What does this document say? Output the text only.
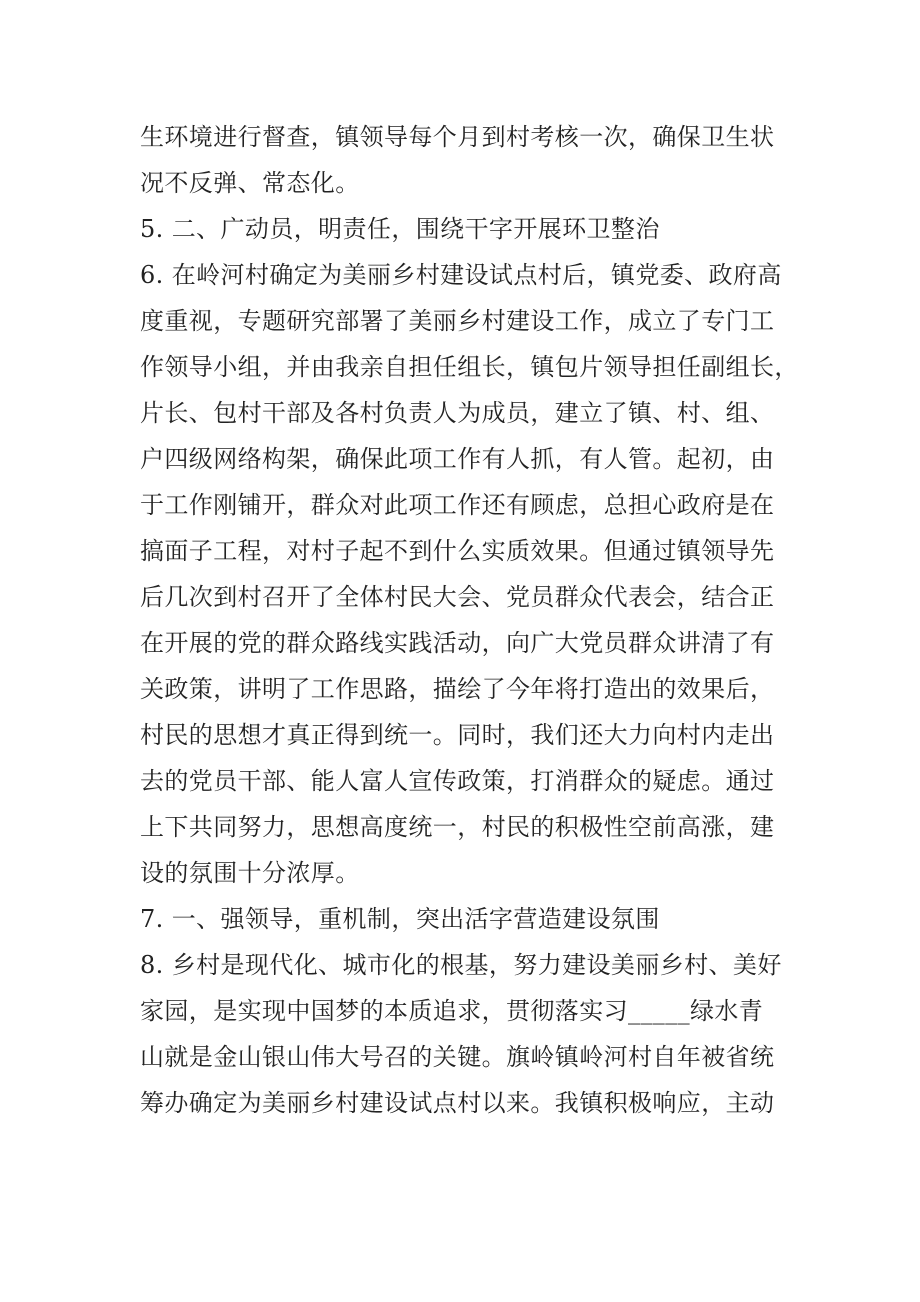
生环境进行督查，镇领导每个月到村考核一次，确保卫生状
况不反弹、常态化。
5. 二、广动员，明责任，围绕干字开展环卫整治
6. 在岭河村确定为美丽乡村建设试点村后，镇党委、政府高
度重视，专题研究部署了美丽乡村建设工作，成立了专门工
作领导小组，并由我亲自担任组长，镇包片领导担任副组长，
片长、包村干部及各村负责人为成员，建立了镇、村、组、
户四级网络构架，确保此项工作有人抓，有人管。起初，由
于工作刚铺开，群众对此项工作还有顾虑，总担心政府是在
搞面子工程，对村子起不到什么实质效果。但通过镇领导先
后几次到村召开了全体村民大会、党员群众代表会，结合正
在开展的党的群众路线实践活动，向广大党员群众讲清了有
关政策，讲明了工作思路，描绘了今年将打造出的效果后，
村民的思想才真正得到统一。同时，我们还大力向村内走出
去的党员干部、能人富人宣传政策，打消群众的疑虑。通过
上下共同努力，思想高度统一，村民的积极性空前高涨，建
设的氛围十分浓厚。
7. 一、强领导，重机制，突出活字营造建设氛围
8. 乡村是现代化、城市化的根基，努力建设美丽乡村、美好
家园，是实现中国梦的本质追求，贯彻落实习_____绿水青
山就是金山银山伟大号召的关键。旗岭镇岭河村自年被省统
筹办确定为美丽乡村建设试点村以来。我镇积极响应，主动
